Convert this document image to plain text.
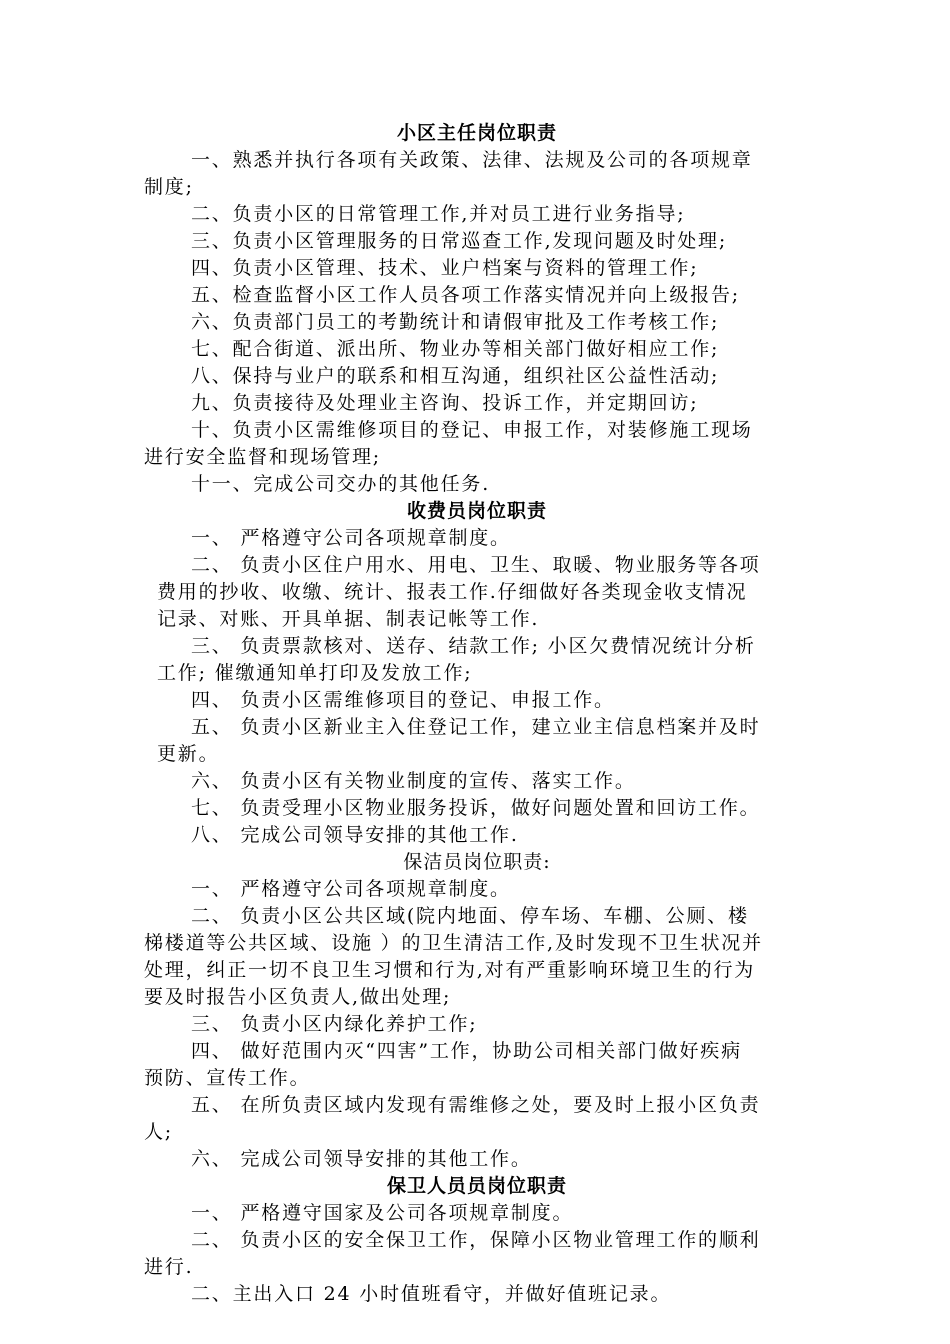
小区主任岗位职责
一、熟悉并执行各项有关政策、法律、法规及公司的各项规章
制度;
二、负责小区的日常管理工作,并对员工进行业务指导;
三、负责小区管理服务的日常巡查工作,发现问题及时处理;
四、负责小区管理、技术、业户档案与资料的管理工作;
五、检查监督小区工作人员各项工作落实情况并向上级报告;
六、负责部门员工的考勤统计和请假审批及工作考核工作;
七、配合街道、派出所、物业办等相关部门做好相应工作;
八、保持与业户的联系和相互沟通，组织社区公益性活动;
九、负责接待及处理业主咨询、投诉工作，并定期回访;
十、负责小区需维修项目的登记、申报工作，对装修施工现场
进行安全监督和现场管理;
十一、完成公司交办的其他任务.
收费员岗位职责
一、 严格遵守公司各项规章制度。
二、 负责小区住户用水、用电、卫生、取暖、物业服务等各项
费用的抄收、收缴、统计、报表工作.仔细做好各类现金收支情况
记录、对账、开具单据、制表记帐等工作.
三、 负责票款核对、送存、结款工作; 小区欠费情况统计分析
工作; 催缴通知单打印及发放工作;
四、 负责小区需维修项目的登记、申报工作。
五、 负责小区新业主入住登记工作，建立业主信息档案并及时
更新。
六、 负责小区有关物业制度的宣传、落实工作。
七、 负责受理小区物业服务投诉，做好问题处置和回访工作。
八、 完成公司领导安排的其他工作.
保洁员岗位职责:
一、 严格遵守公司各项规章制度。
二、 负责小区公共区域(院内地面、停车场、车棚、公厕、楼
梯楼道等公共区域、设施 ）的卫生清洁工作,及时发现不卫生状况并
处理，纠正一切不良卫生习惯和行为,对有严重影响环境卫生的行为
要及时报告小区负责人,做出处理;
三、 负责小区内绿化养护工作;
四、 做好范围内灭“四害”工作，协助公司相关部门做好疾病
预防、宣传工作。
五、 在所负责区域内发现有需维修之处，要及时上报小区负责
人;
六、 完成公司领导安排的其他工作。
保卫人员员岗位职责
一、 严格遵守国家及公司各项规章制度。
二、 负责小区的安全保卫工作，保障小区物业管理工作的顺利
进行.
二、主出入口 24 小时值班看守，并做好值班记录。
